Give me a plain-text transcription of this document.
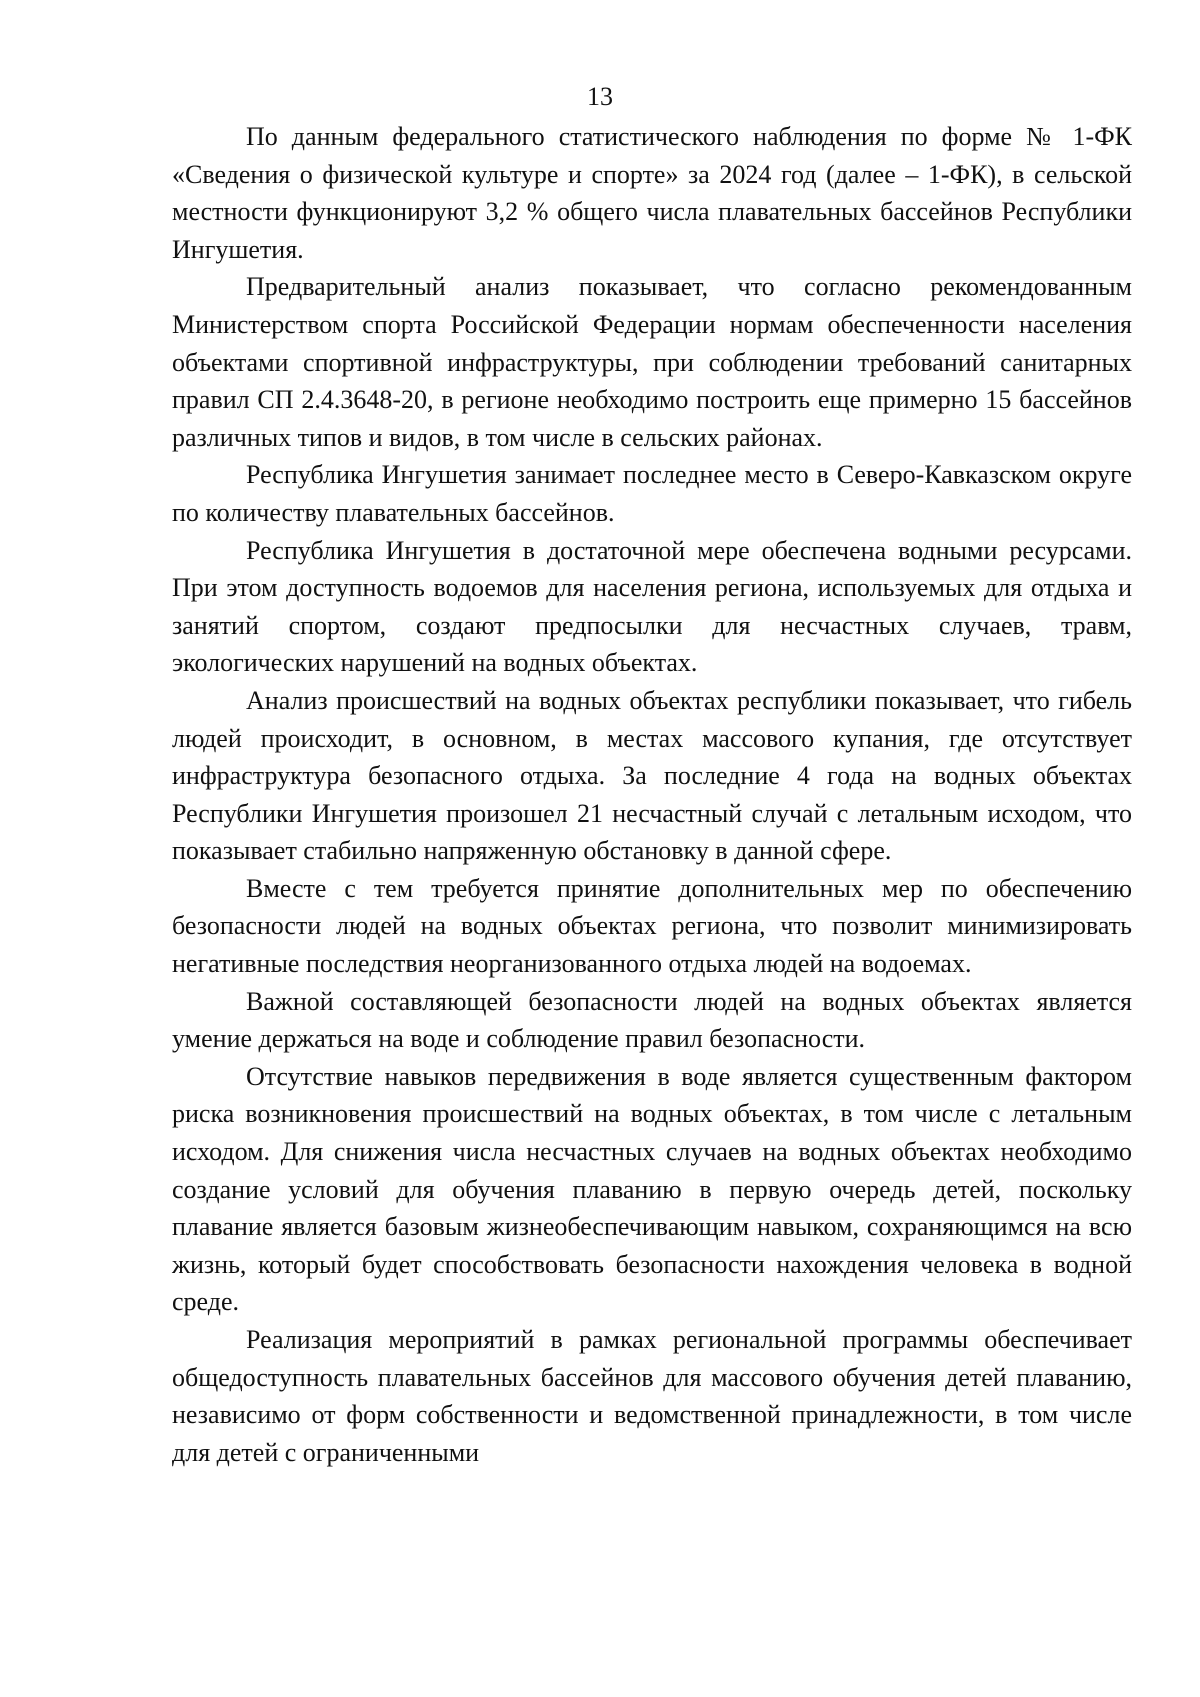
13

По данным федерального статистического наблюдения по форме № 1-ФК «Сведения о физической культуре и спорте» за 2024 год (далее – 1-ФК), в сельской местности функционируют 3,2 % общего числа плавательных бассейнов Республики Ингушетия.

Предварительный анализ показывает, что согласно рекомендованным Министерством спорта Российской Федерации нормам обеспеченности населения объектами спортивной инфраструктуры, при соблюдении требований санитарных правил СП 2.4.3648-20, в регионе необходимо построить еще примерно 15 бассейнов различных типов и видов, в том числе в сельских районах.

Республика Ингушетия занимает последнее место в Северо-Кавказском округе по количеству плавательных бассейнов.

Республика Ингушетия в достаточной мере обеспечена водными ресурсами. При этом доступность водоемов для населения региона, используемых для отдыха и занятий спортом, создают предпосылки для несчастных случаев, травм, экологических нарушений на водных объектах.

Анализ происшествий на водных объектах республики показывает, что гибель людей происходит, в основном, в местах массового купания, где отсутствует инфраструктура безопасного отдыха. За последние 4 года на водных объектах Республики Ингушетия произошел 21 несчастный случай с летальным исходом, что показывает стабильно напряженную обстановку в данной сфере.

Вместе с тем требуется принятие дополнительных мер по обеспечению безопасности людей на водных объектах региона, что позволит минимизировать негативные последствия неорганизованного отдыха людей на водоемах.

Важной составляющей безопасности людей на водных объектах является умение держаться на воде и соблюдение правил безопасности.

Отсутствие навыков передвижения в воде является существенным фактором риска возникновения происшествий на водных объектах, в том числе с летальным исходом. Для снижения числа несчастных случаев на водных объектах необходимо создание условий для обучения плаванию в первую очередь детей, поскольку плавание является базовым жизнеобеспечивающим навыком, сохраняющимся на всю жизнь, который будет способствовать безопасности нахождения человека в водной среде.

Реализация мероприятий в рамках региональной программы обеспечивает общедоступность плавательных бассейнов для массового обучения детей плаванию, независимо от форм собственности и ведомственной принадлежности, в том числе для детей с ограниченными
